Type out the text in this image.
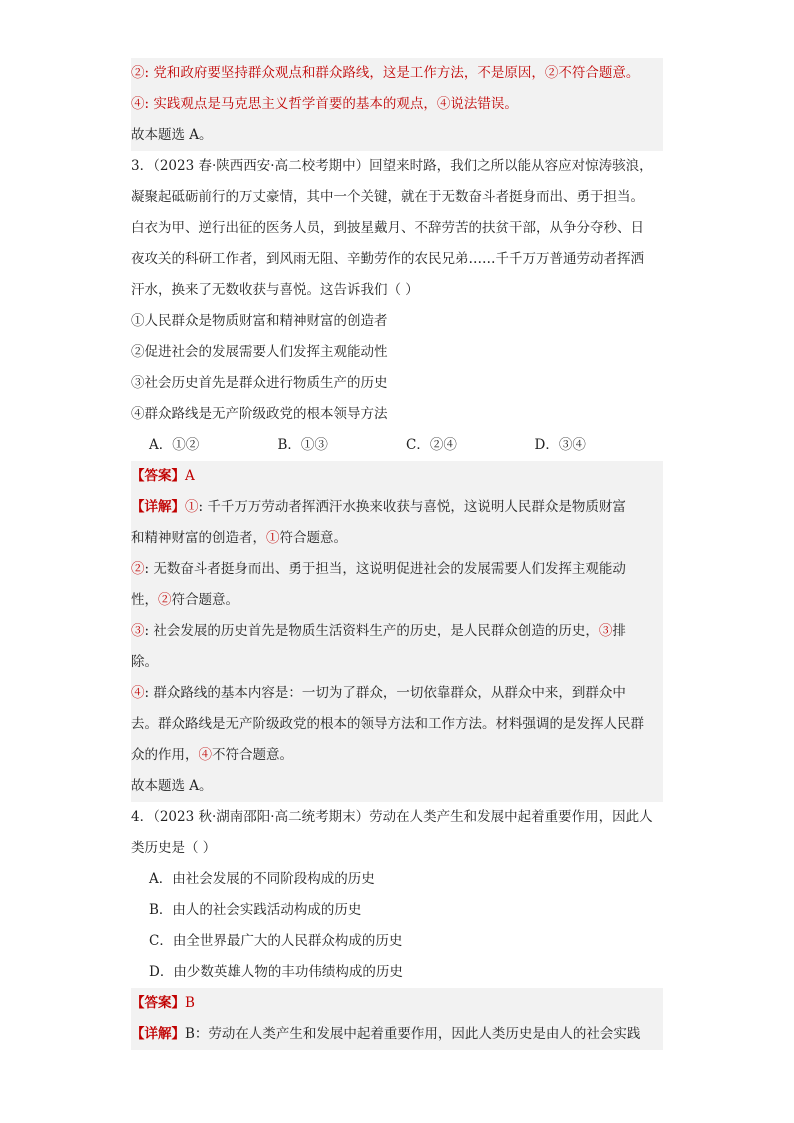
②: 党和政府要坚持群众观点和群众路线，这是工作方法，不是原因，②不符合题意。
④: 实践观点是马克思主义哲学首要的基本的观点，④说法错误。
故本题选 A。
3．（2023 春·陕西西安·高二校考期中）回望来时路，我们之所以能从容应对惊涛骇浪，
凝聚起砥砺前行的万丈豪情，其中一个关键，就在于无数奋斗者挺身而出、勇于担当。
白衣为甲、逆行出征的医务人员，到披星戴月、不辞劳苦的扶贫干部，从争分夺秒、日
夜攻关的科研工作者，到风雨无阻、辛勤劳作的农民兄弟……千千万万普通劳动者挥洒
汗水，换来了无数收获与喜悦。这告诉我们（ ）
①人民群众是物质财富和精神财富的创造者
②促进社会的发展需要人们发挥主观能动性
③社会历史首先是群众进行物质生产的历史
④群众路线是无产阶级政党的根本领导方法
A．①②	B．①③	C．②④	D．③④
【答案】A
【详解】①: 千千万万劳动者挥洒汗水换来收获与喜悦，这说明人民群众是物质财富
和精神财富的创造者，①符合题意。
②: 无数奋斗者挺身而出、勇于担当，这说明促进社会的发展需要人们发挥主观能动
性，②符合题意。
③: 社会发展的历史首先是物质生活资料生产的历史，是人民群众创造的历史，③排
除。
④: 群众路线的基本内容是：一切为了群众，一切依靠群众，从群众中来，到群众中
去。群众路线是无产阶级政党的根本的领导方法和工作方法。材料强调的是发挥人民群
众的作用，④不符合题意。
故本题选 A。
4．（2023 秋·湖南邵阳·高二统考期末）劳动在人类产生和发展中起着重要作用，因此人
类历史是（ ）
A．由社会发展的不同阶段构成的历史
B．由人的社会实践活动构成的历史
C．由全世界最广大的人民群众构成的历史
D．由少数英雄人物的丰功伟绩构成的历史
【答案】B
【详解】B：劳动在人类产生和发展中起着重要作用，因此人类历史是由人的社会实践
